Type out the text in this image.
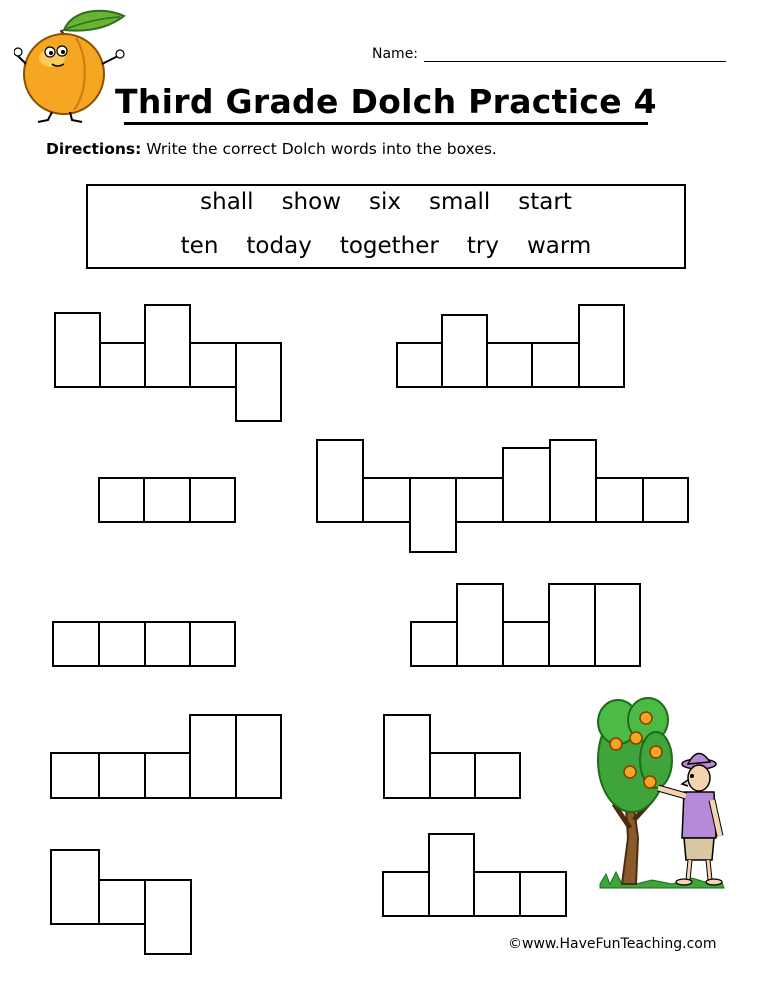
Name:
Third Grade Dolch Practice 4
Directions: Write the correct Dolch words into the boxes.
shall show six small start
ten today together try warm
©www.HaveFunTeaching.com
